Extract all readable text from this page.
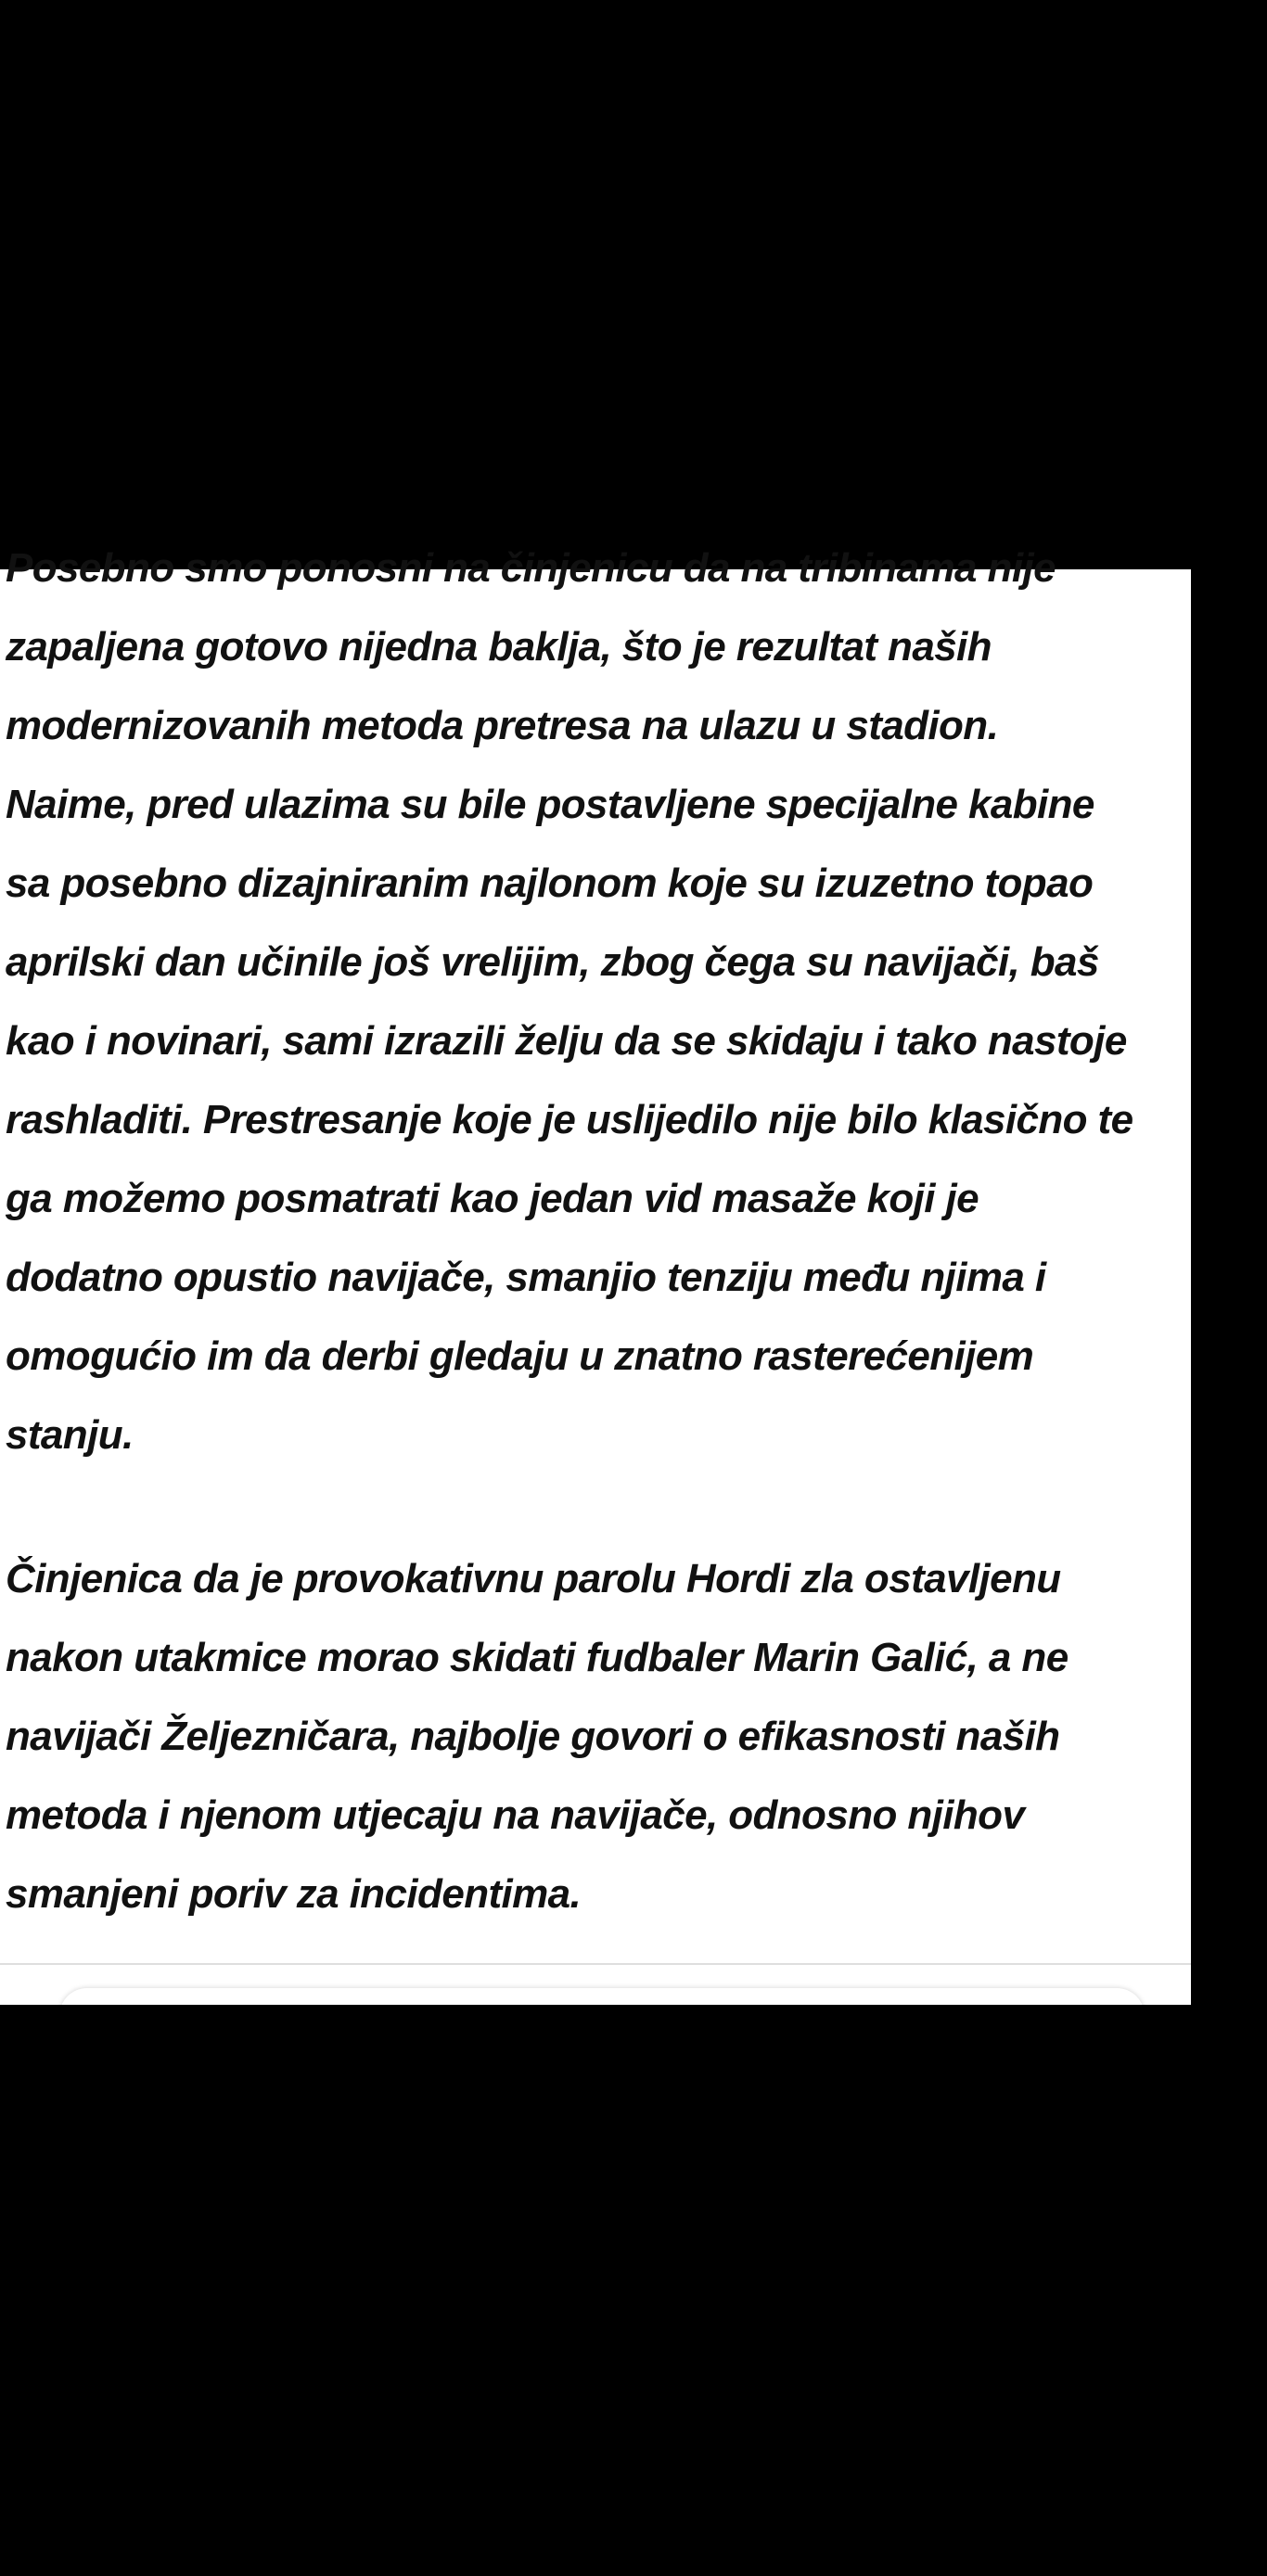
Posebno smo ponosni na činjenicu da na tribinama nije
zapaljena gotovo nijedna baklja, što je rezultat naših
modernizovanih metoda pretresa na ulazu u stadion.
Naime, pred ulazima su bile postavljene specijalne kabine
sa posebno dizajniranim najlonom koje su izuzetno topao
aprilski dan učinile još vrelijim, zbog čega su navijači, baš
kao i novinari, sami izrazili želju da se skidaju i tako nastoje
rashladiti. Prestresanje koje je uslijedilo nije bilo klasično te
ga možemo posmatrati kao jedan vid masaže koji je
dodatno opustio navijače, smanjio tenziju među njima i
omogućio im da derbi gledaju u znatno rasterećenijem
stanju.

Činjenica da je provokativnu parolu Hordi zla ostavljenu
nakon utakmice morao skidati fudbaler Marin Galić, a ne
navijači Željezničara, najbolje govori o efikasnosti naših
metoda i njenom utjecaju na navijače, odnosno njihov
smanjeni poriv za incidentima.
